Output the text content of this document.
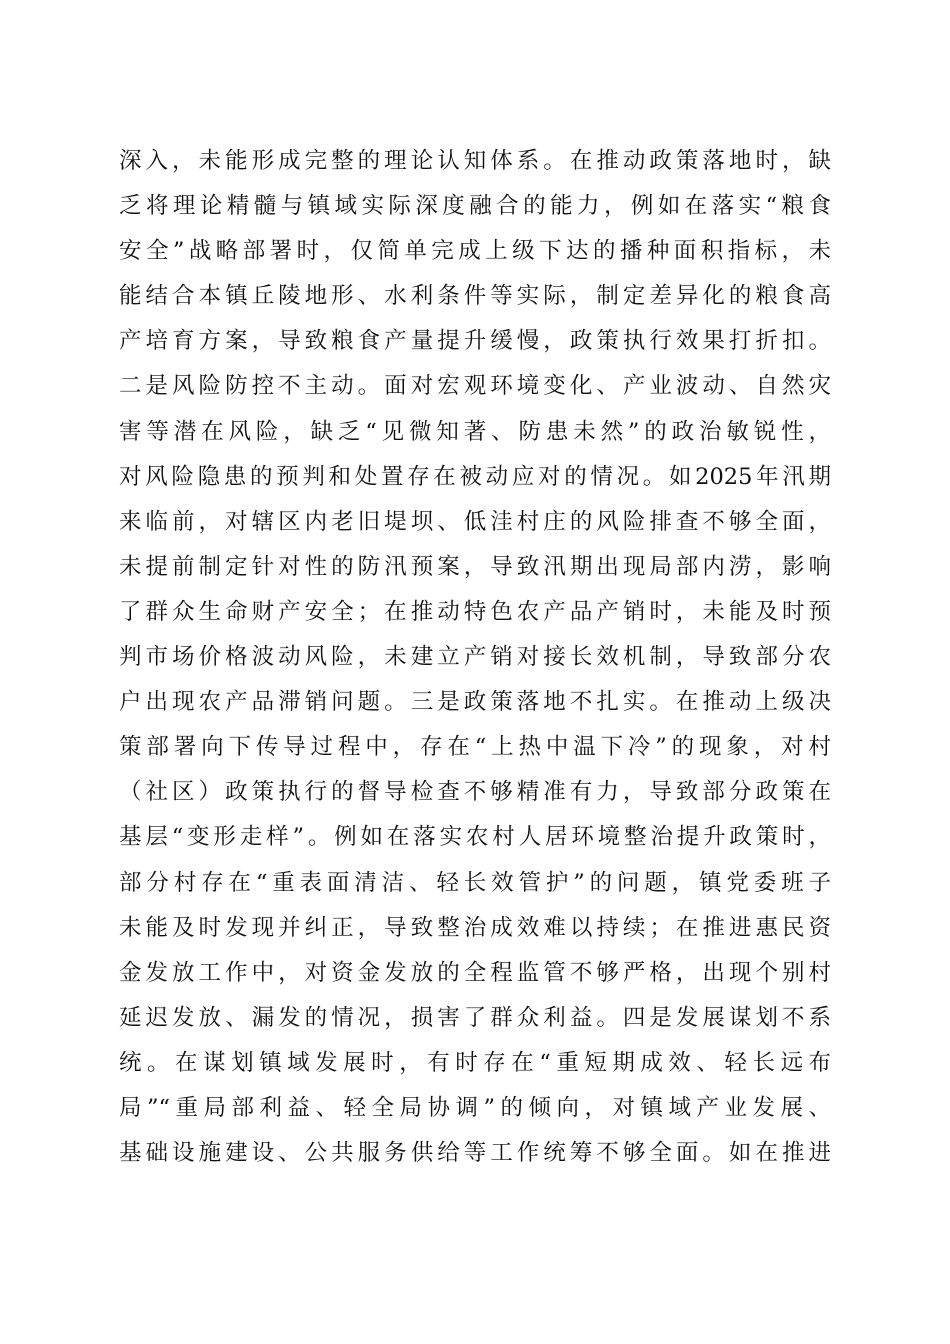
深入，未能形成完整的理论认知体系。在推动政策落地时，缺
乏将理论精髓与镇域实际深度融合的能力，例如在落实“粮食
安全”战略部署时，仅简单完成上级下达的播种面积指标，未
能结合本镇丘陵地形、水利条件等实际，制定差异化的粮食高
产培育方案，导致粮食产量提升缓慢，政策执行效果打折扣。
二是风险防控不主动。面对宏观环境变化、产业波动、自然灾
害等潜在风险，缺乏“见微知著、防患未然”的政治敏锐性，
对风险隐患的预判和处置存在被动应对的情况。如2025年汛期
来临前，对辖区内老旧堤坝、低洼村庄的风险排查不够全面，
未提前制定针对性的防汛预案，导致汛期出现局部内涝，影响
了群众生命财产安全；在推动特色农产品产销时，未能及时预
判市场价格波动风险，未建立产销对接长效机制，导致部分农
户出现农产品滞销问题。三是政策落地不扎实。在推动上级决
策部署向下传导过程中，存在“上热中温下冷”的现象，对村
（社区）政策执行的督导检查不够精准有力，导致部分政策在
基层“变形走样”。例如在落实农村人居环境整治提升政策时，
部分村存在“重表面清洁、轻长效管护”的问题，镇党委班子
未能及时发现并纠正，导致整治成效难以持续；在推进惠民资
金发放工作中，对资金发放的全程监管不够严格，出现个别村
延迟发放、漏发的情况，损害了群众利益。四是发展谋划不系
统。在谋划镇域发展时，有时存在“重短期成效、轻长远布
局”“重局部利益、轻全局协调”的倾向，对镇域产业发展、
基础设施建设、公共服务供给等工作统筹不够全面。如在推进
